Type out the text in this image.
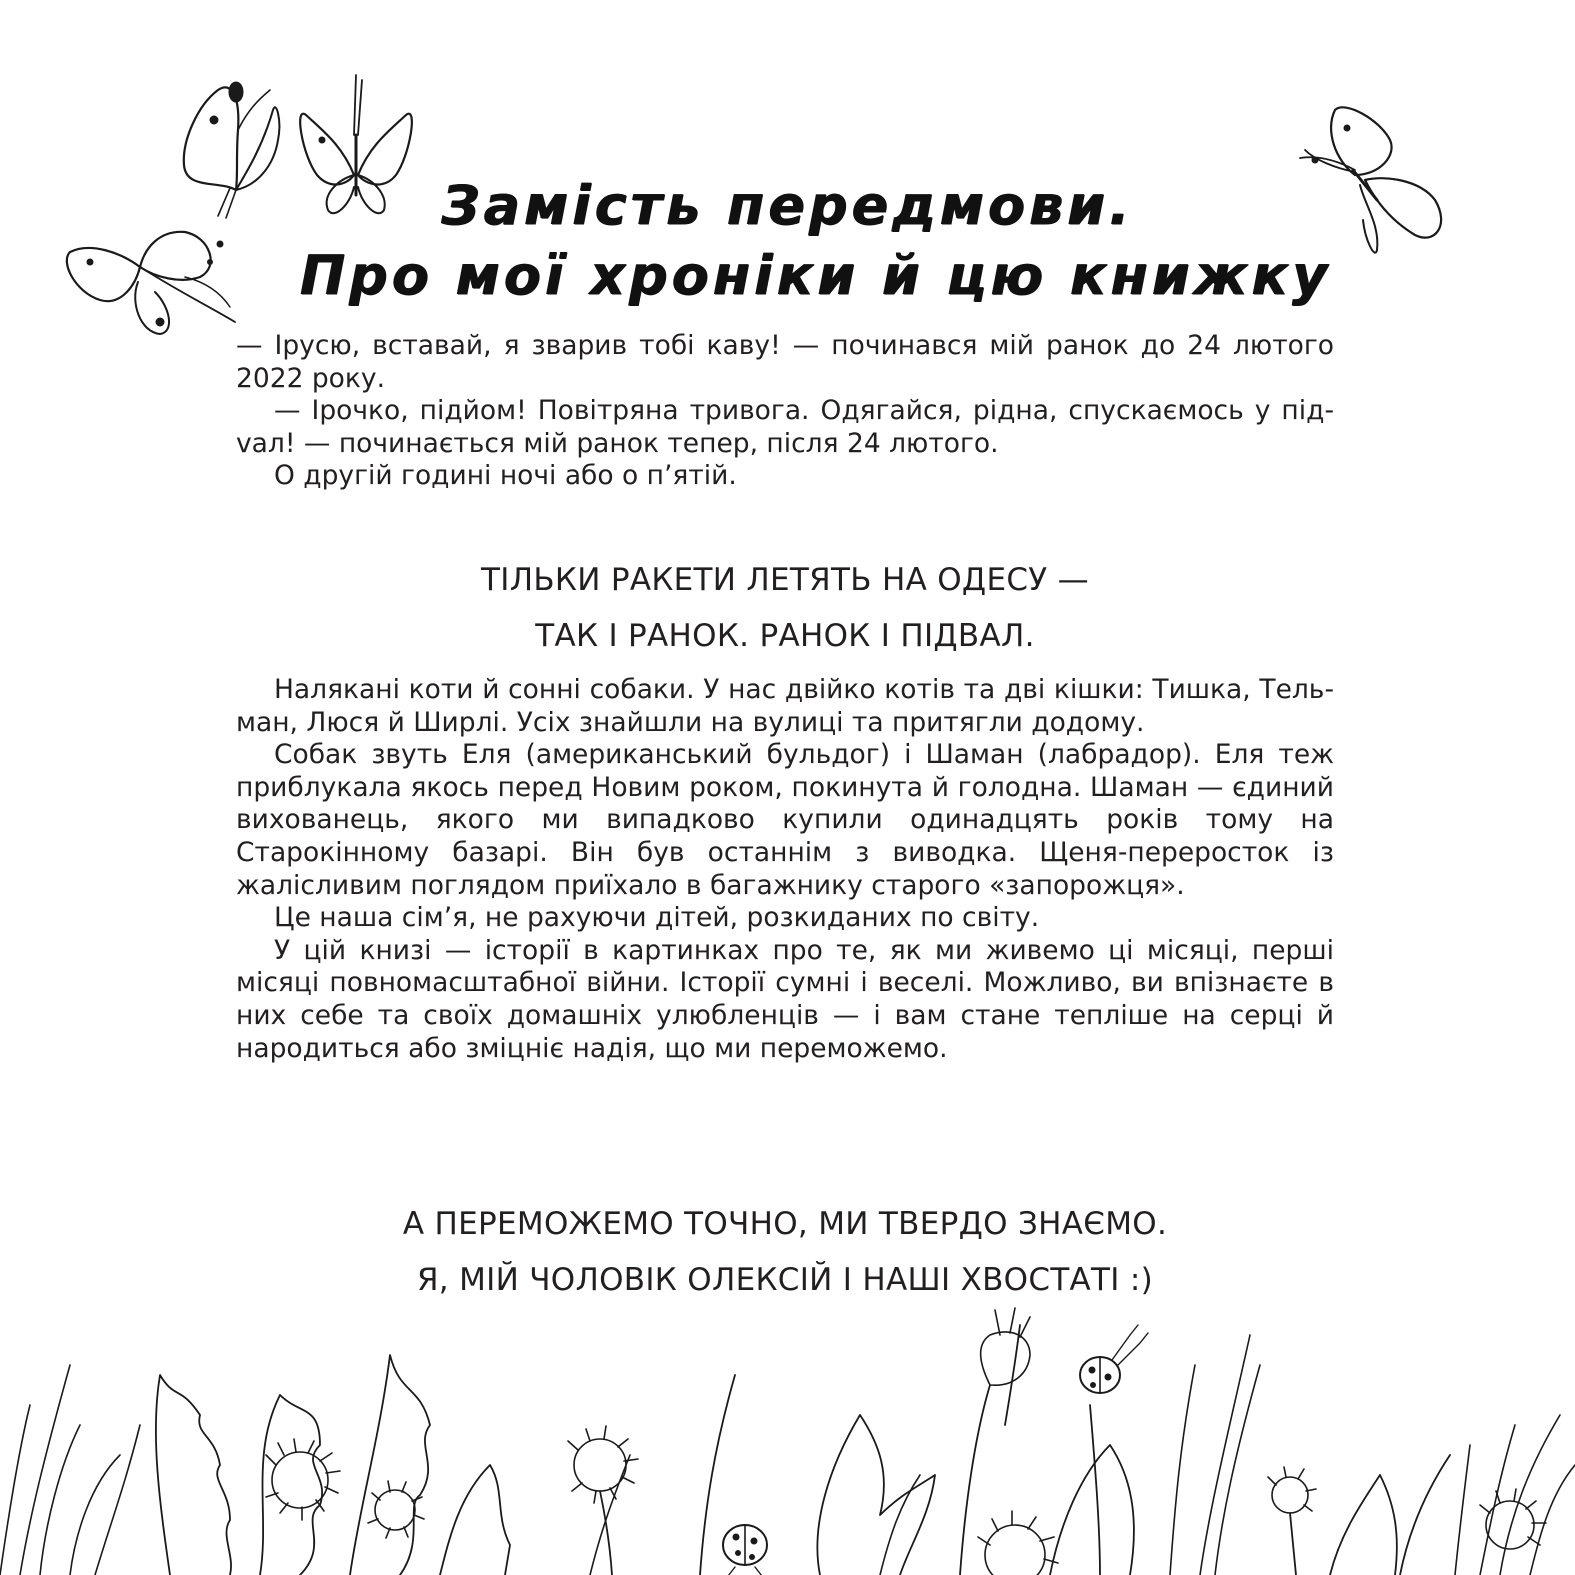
Замість передмови.
Про мої хроніки й цю книжку

— Ірусю, вставай, я зварив тобі каву! — починався мій ранок до 24 лютого 2022 року.

— Ірочко, підйом! Повітряна тривога. Одягайся, рідна, спускаємось у підvал! — починається мій ранок тепер, після 24 лютого.

О другій годині ночі або о п’ятій.

ТІЛЬКИ РАКЕТИ ЛЕТЯТЬ НА ОДЕСУ —
ТАК І РАНОК. РАНОК І ПІДВАЛ.

Налякані коти й сонні собаки. У нас двійко котів та дві кішки: Тишка, Тельман, Люся й Ширлі. Усіх знайшли на вулиці та притягли додому.

Собак звуть Еля (американський бульдог) і Шаман (лабрадор). Еля теж приблукала якось перед Новим роком, покинута й голодна. Шаман — єдиний вихованець, якого ми випадково купили одинадцять років тому на Старокінному базарі. Він був останнім з виводка. Щеня-переросток із жалісливим поглядом приїхало в багажнику старого «запорожця».

Це наша сім’я, не рахуючи дітей, розкиданих по світу.

У цій книзі — історії в картинках про те, як ми живемо ці місяці, перші місяці повномасштабної війни. Історії сумні і веселі. Можливо, ви впізнаєте в них себе та своїх домашніх улюбленців — і вам стане тепліше на серці й народиться або зміцніє надія, що ми переможемо.

А ПЕРЕМОЖЕМО ТОЧНО, МИ ТВЕРДО ЗНАЄМО.
Я, МІЙ ЧОЛОВІК ОЛЕКСІЙ І НАШІ ХВОСТАТІ :)
